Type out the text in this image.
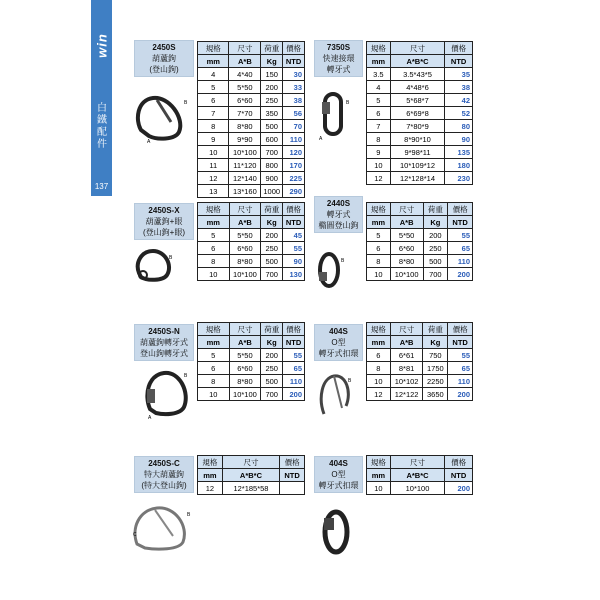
win
白鐵配件
137
2450S
葫蘆鉤
(登山鉤)
規格	尺寸	荷重	價格
mm	A*B	Kg	NTD
4	4*40	150	30
5	5*50	200	33
6	6*60	250	38
7	7*70	350	56
8	8*80	500	70
9	9*90	600	110
10	10*100	700	120
11	11*120	800	170
12	12*140	900	225
13	13*160	1000	290
B
A
7350S
快速接環
轉牙式
規格	尺寸	價格
mm	A*B*C	NTD
3.5	3.5*43*5	35
4	4*48*6	38
5	5*68*7	42
6	6*69*8	52
7	7*80*9	80
8	8*90*10	90
9	9*98*11	135
10	10*109*12	180
12	12*128*14	230
B
A
2450S-X
葫蘆鉤+眼
(登山鉤+眼)
規格	尺寸	荷重	價格
mm	A*B	Kg	NTD
5	5*50	200	45
6	6*60	250	55
8	8*80	500	90
10	10*100	700	130
B
2440S
轉牙式
橢圓登山鉤
規格	尺寸	荷重	價格
mm	A*B	Kg	NTD
5	5*50	200	55
6	6*60	250	65
8	8*80	500	110
10	10*100	700	200
B
2450S-N
葫蘆鉤轉牙式
登山鉤轉牙式
規格	尺寸	荷重	價格
mm	A*B	Kg	NTD
5	5*50	200	55
6	6*60	250	65
8	8*80	500	110
10	10*100	700	200
B
A
404S
O型
轉牙式扣環
規格	尺寸	荷重	價格
mm	A*B	Kg	NTD
6	6*61	750	55
8	8*81	1750	65
10	10*102	2250	110
12	12*122	3650	200
B
2450S-C
特大葫蘆鉤
(特大登山鉤)
規格	尺寸	價格
mm	A*B*C	NTD
12	12*185*58	
B
C
404S
O型
轉牙式扣環
規格	尺寸	價格
mm	A*B*C	NTD
10	10*100	200
